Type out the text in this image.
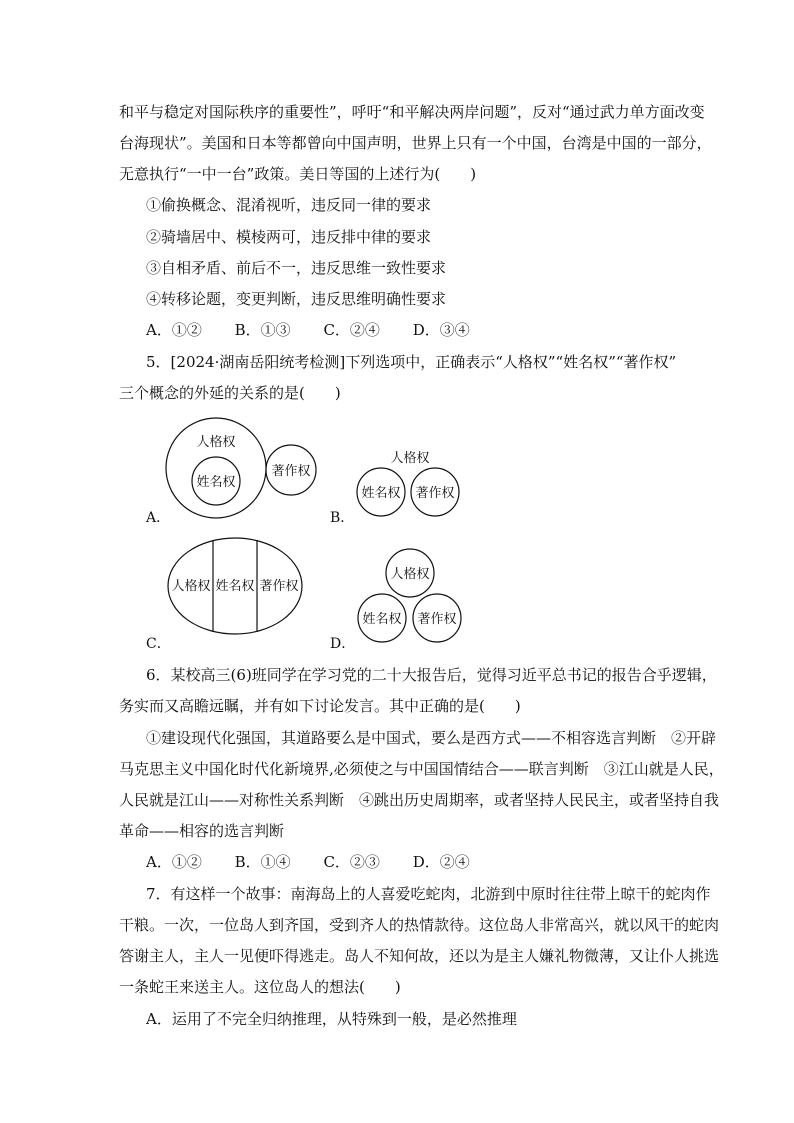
和平与稳定对国际秩序的重要性”，呼吁“和平解决两岸问题”，反对“通过武力单方面改变
台海现状”。美国和日本等都曾向中国声明，世界上只有一个中国，台湾是中国的一部分，
无意执行“一中一台”政策。美日等国的上述行为(　　)
①偷换概念、混淆视听，违反同一律的要求
②骑墙居中、模棱两可，违反排中律的要求
③自相矛盾、前后不一，违反思维一致性要求
④转移论题，变更判断，违反思维明确性要求
A．①② B．①③ C．②④ D．③④
5．[2024·湖南岳阳统考检测]下列选项中，正确表示“人格权”“姓名权”“著作权”
三个概念的外延的关系的是(　　)
A．
人格权
姓名权
著作权
B．
人格权
姓名权 著作权
C．
人格权 姓名权 著作权
D．
人格权
姓名权 著作权
6．某校高三(6)班同学在学习党的二十大报告后，觉得习近平总书记的报告合乎逻辑，
务实而又高瞻远瞩，并有如下讨论发言。其中正确的是(　　)
①建设现代化强国，其道路要么是中国式，要么是西方式——不相容选言判断　②开辟
马克思主义中国化时代化新境界,必须使之与中国国情结合——联言判断　③江山就是人民，
人民就是江山——对称性关系判断　④跳出历史周期率，或者坚持人民民主，或者坚持自我
革命——相容的选言判断
A．①② B．①④ C．②③ D．②④
7．有这样一个故事：南海岛上的人喜爱吃蛇肉，北游到中原时往往带上晾干的蛇肉作
干粮。一次，一位岛人到齐国，受到齐人的热情款待。这位岛人非常高兴，就以风干的蛇肉
答谢主人，主人一见便吓得逃走。岛人不知何故，还以为是主人嫌礼物微薄，又让仆人挑选
一条蛇王来送主人。这位岛人的想法(　　)
A．运用了不完全归纳推理，从特殊到一般，是必然推理
